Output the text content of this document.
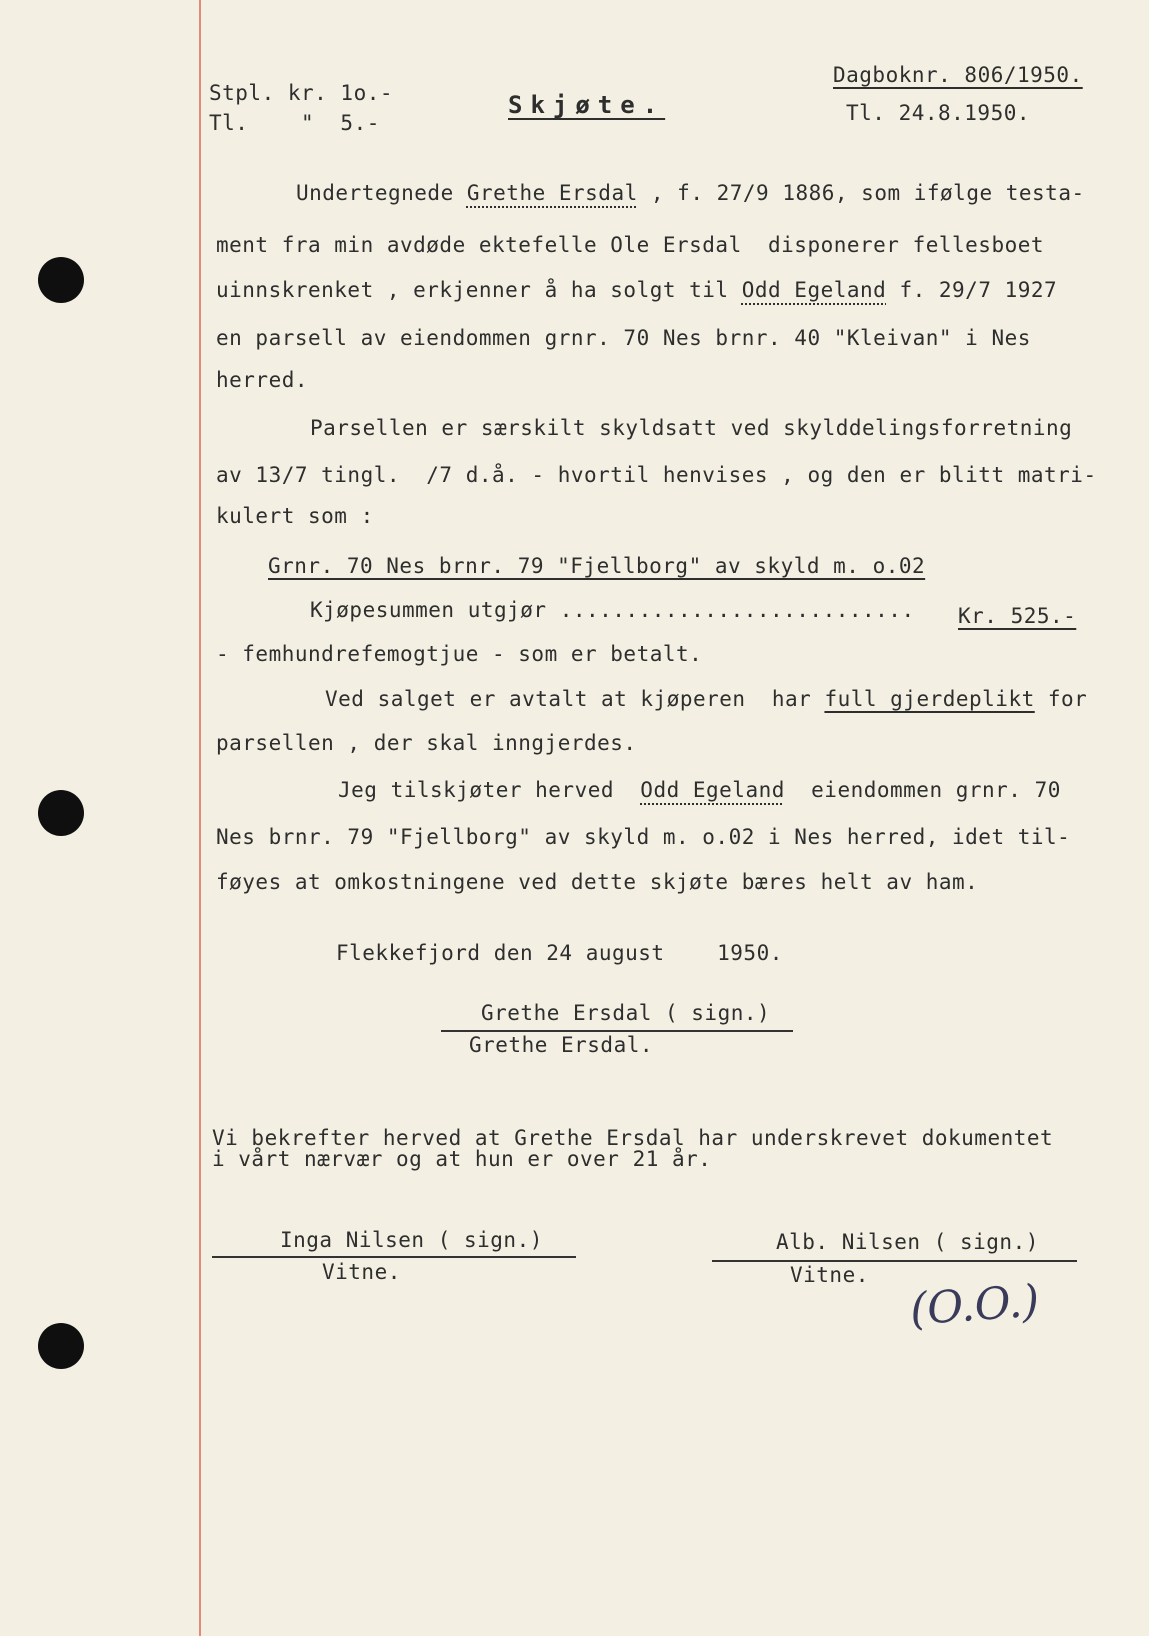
Stpl. kr. 1o.-
Tl.    "  5.-
Skjøte.
Dagboknr. 806/1950.
Tl. 24.8.1950.
Undertegnede Grethe Ersdal , f. 27/9 1886, som ifølge testa-
ment fra min avdøde ektefelle Ole Ersdal  disponerer fellesboet
uinnskrenket , erkjenner å ha solgt til Odd Egeland f. 29/7 1927
en parsell av eiendommen grnr. 70 Nes brnr. 40 "Kleivan" i Nes
herred.
Parsellen er særskilt skyldsatt ved skylddelingsforretning
av 13/7 tingl.  /7 d.å. - hvortil henvises , og den er blitt matri-
kulert som :
Grnr. 70 Nes brnr. 79 "Fjellborg" av skyld m. o.02
Kjøpesummen utgjør ........................... Kr. 525.-
- femhundrefemogtjue - som er betalt.
Ved salget er avtalt at kjøperen  har full gjerdeplikt for
parsellen , der skal inngjerdes.
Jeg tilskjøter herved  Odd Egeland  eiendommen grnr. 70
Nes brnr. 79 "Fjellborg" av skyld m. o.02 i Nes herred, idet til-
føyes at omkostningene ved dette skjøte bæres helt av ham.
Flekkefjord den 24 august    1950.
Grethe Ersdal ( sign.)
Grethe Ersdal.
Vi bekrefter herved at Grethe Ersdal har underskrevet dokumentet
i vårt nærvær og at hun er over 21 år.
Inga Nilsen ( sign.)
Vitne.
Alb. Nilsen ( sign.)
Vitne.
(O.O.)
